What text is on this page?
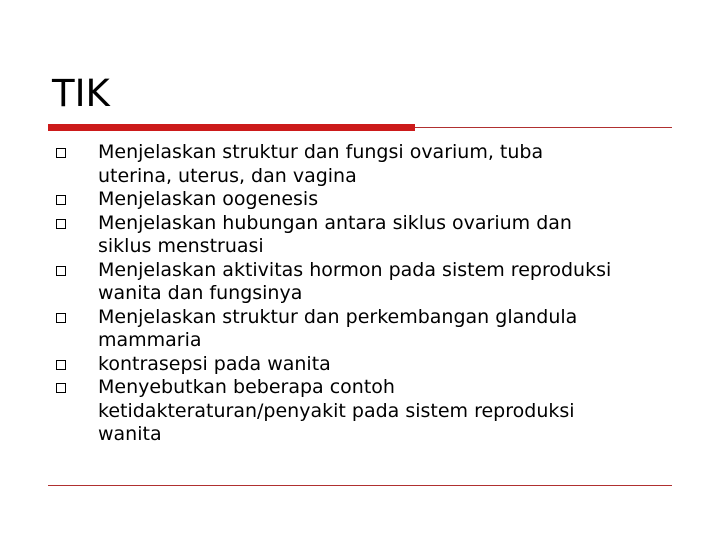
TIK
Menjelaskan struktur dan fungsi ovarium, tuba
uterina, uterus, dan vagina
Menjelaskan oogenesis
Menjelaskan hubungan antara siklus ovarium dan
siklus menstruasi
Menjelaskan aktivitas hormon pada sistem reproduksi
wanita dan fungsinya
Menjelaskan struktur dan perkembangan glandula
mammaria
kontrasepsi pada wanita
Menyebutkan beberapa contoh
ketidakteraturan/penyakit pada sistem reproduksi
wanita
